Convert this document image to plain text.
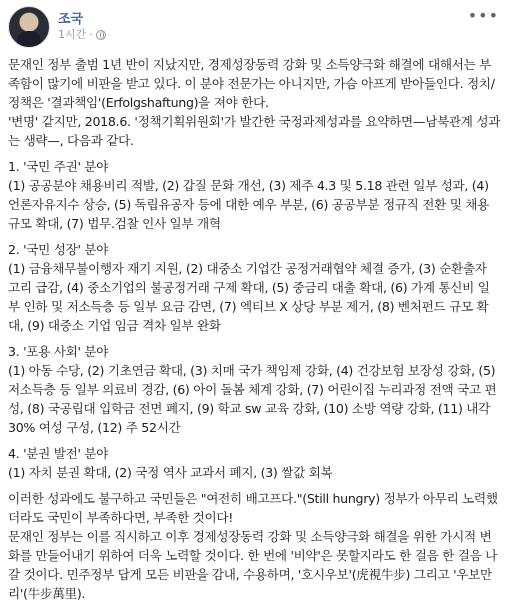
조국
1시간 ·
•••

문재인 정부 출범 1년 반이 지났지만, 경제성장동력 강화 및 소득양극화 해결에 대해서는 부족함이 많기에 비판을 받고 있다. 이 분야 전문가는 아니지만, 가슴 아프게 받아들인다. 정치/정책은 '결과책임'(Erfolgshaftung)을 져야 한다.

'변명' 같지만, 2018.6. '정책기획위원회'가 발간한 국정과제성과를 요약하면—남북관계 성과는 생략—, 다음과 같다.

1. '국민 주권' 분야

(1) 공공분야 채용비리 적발, (2) 갑질 문화 개선, (3) 제주 4.3 및 5.18 관련 일부 성과, (4) 언론자유지수 상승, (5) 독립유공자 등에 대한 예우 부분, (6) 공공부분 정규직 전환 및 채용 규모 확대, (7) 법무.검찰 인사 일부 개혁

2. '국민 성장' 분야

(1) 금융채무불이행자 재기 지원, (2) 대중소 기업간 공정거래협약 체결 증가, (3) 순환출자 고리 급감, (4) 중소기업의 불공정거래 구제 확대, (5) 중금리 대출 확대, (6) 가계 통신비 일부 인하 및 저소득층 등 일부 요금 감면, (7) 엑티브 X 상당 부분 제거, (8) 벤처펀드 규모 확대, (9) 대중소 기업 임금 격차 일부 완화

3. '포용 사회' 분야

(1) 아동 수당, (2) 기초연금 확대, (3) 치매 국가 책임제 강화, (4) 건강보험 보장성 강화, (5) 저소득층 등 일부 의료비 경감, (6) 아이 돌봄 체계 강화, (7) 어린이집 누리과정 전액 국고 편성, (8) 국공립대 입학금 전면 폐지, (9) 학교 sw 교육 강화, (10) 소방 역량 강화, (11) 내각 30% 여성 구성, (12) 주 52시간

4. '분권 발전' 분야

(1) 자치 분권 확대, (2) 국정 역사 교과서 폐지, (3) 쌀값 회복

이러한 성과에도 불구하고 국민들은 "여전히 배고프다."(Still hungry) 정부가 아무리 노력했더라도 국민이 부족하다면, 부족한 것이다!

문재인 정부는 이를 직시하고 이후 경제성장동력 강화 및 소득양극화 해결을 위한 가시적 변화를 만들어내기 위하여 더욱 노력할 것이다. 한 번에 '비약'은 못할지라도 한 걸음 한 걸음 나갈 것이다. 민주정부 답게 모든 비판을 감내, 수용하며, '호시우보'(虎視牛步) 그리고 '우보만리'(牛步萬里).
